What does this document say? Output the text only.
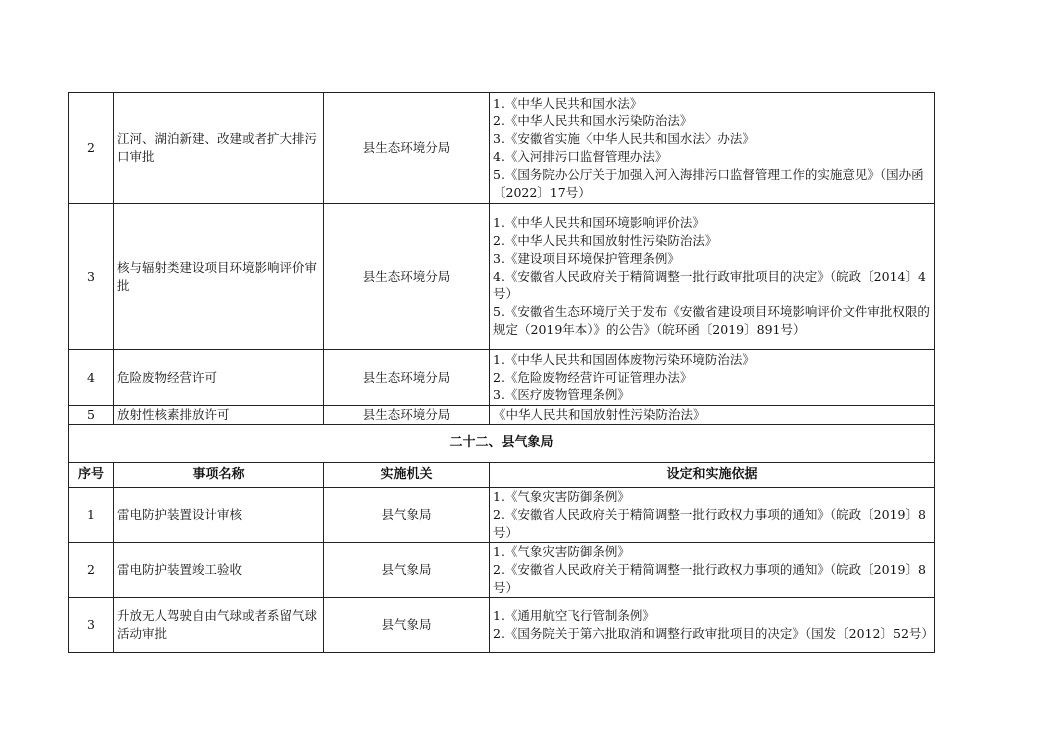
2	江河、湖泊新建、改建或者扩大排污口审批	县生态环境分局	1.《中华人民共和国水法》
2.《中华人民共和国水污染防治法》
3.《安徽省实施〈中华人民共和国水法〉办法》
4.《入河排污口监督管理办法》
5.《国务院办公厅关于加强入河入海排污口监督管理工作的实施意见》（国办函〔2022〕17号）

3	核与辐射类建设项目环境影响评价审批	县生态环境分局	1.《中华人民共和国环境影响评价法》
2.《中华人民共和国放射性污染防治法》
3.《建设项目环境保护管理条例》
4.《安徽省人民政府关于精简调整一批行政审批项目的决定》（皖政〔2014〕4号）
5.《安徽省生态环境厅关于发布《安徽省建设项目环境影响评价文件审批权限的规定（2019年本）》的公告》（皖环函〔2019〕891号）

4	危险废物经营许可	县生态环境分局	1.《中华人民共和国固体废物污染环境防治法》
2.《危险废物经营许可证管理办法》
3.《医疗废物管理条例》

5	放射性核素排放许可	县生态环境分局	《中华人民共和国放射性污染防治法》

二十二、县气象局			
序号	事项名称	实施机关	设定和实施依据
1	雷电防护装置设计审核	县气象局	1.《气象灾害防御条例》
2.《安徽省人民政府关于精简调整一批行政权力事项的通知》（皖政〔2019〕8号）

2	雷电防护装置竣工验收	县气象局	1.《气象灾害防御条例》
2.《安徽省人民政府关于精简调整一批行政权力事项的通知》（皖政〔2019〕8号）

3	升放无人驾驶自由气球或者系留气球活动审批	县气象局	1.《通用航空飞行管制条例》
2.《国务院关于第六批取消和调整行政审批项目的决定》（国发〔2012〕52号）
